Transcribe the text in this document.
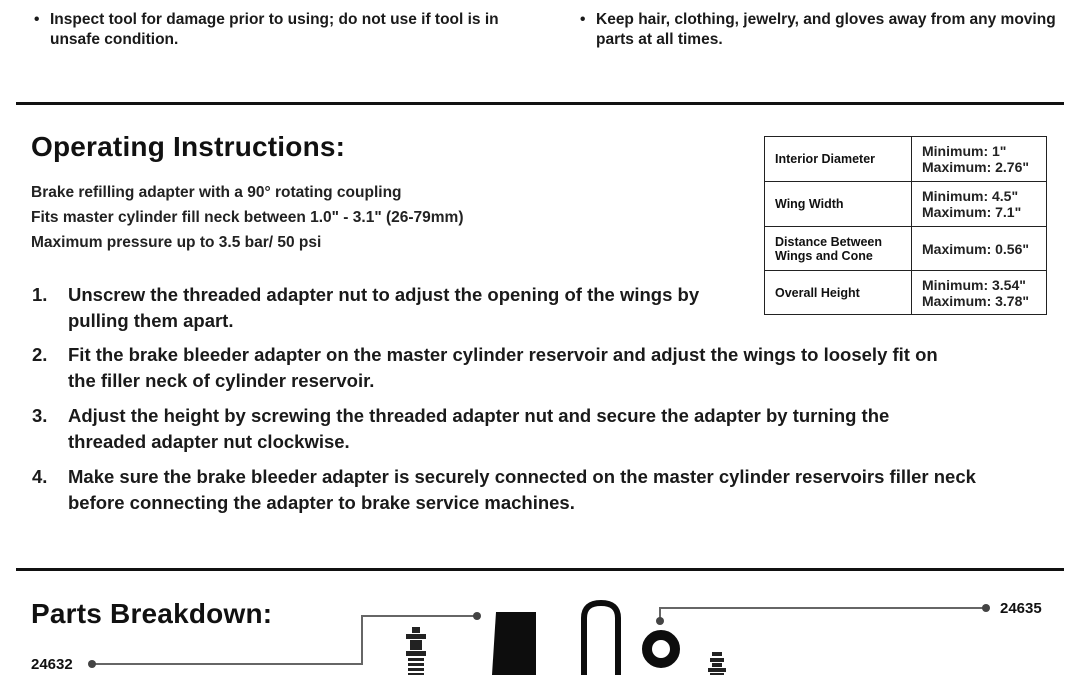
• Inspect tool for damage prior to using; do not use if tool is in unsafe condition.
• Keep hair, clothing, jewelry, and gloves away from any moving parts at all times.
Operating Instructions:
Brake refilling adapter with a 90° rotating coupling
Fits master cylinder fill neck between 1.0" - 3.1" (26-79mm)
Maximum pressure up to 3.5 bar/ 50 psi
1. Unscrew the threaded adapter nut to adjust the opening of the wings by pulling them apart.
2. Fit the brake bleeder adapter on the master cylinder reservoir and adjust the wings to loosely fit on the filler neck of cylinder reservoir.
3. Adjust the height by screwing the threaded adapter nut and secure the adapter by turning the threaded adapter nut clockwise.
4. Make sure the brake bleeder adapter is securely connected on the master cylinder reservoirs filler neck before connecting the adapter to brake service machines.
Interior Diameter	Minimum: 1"
Maximum: 2.76"

Wing Width	Minimum: 4.5"
Maximum: 7.1"

Distance Between Wings and Cone	Maximum: 0.56"

Overall Height	Minimum: 3.54"
Maximum: 3.78"
Parts Breakdown:
24632
24635
